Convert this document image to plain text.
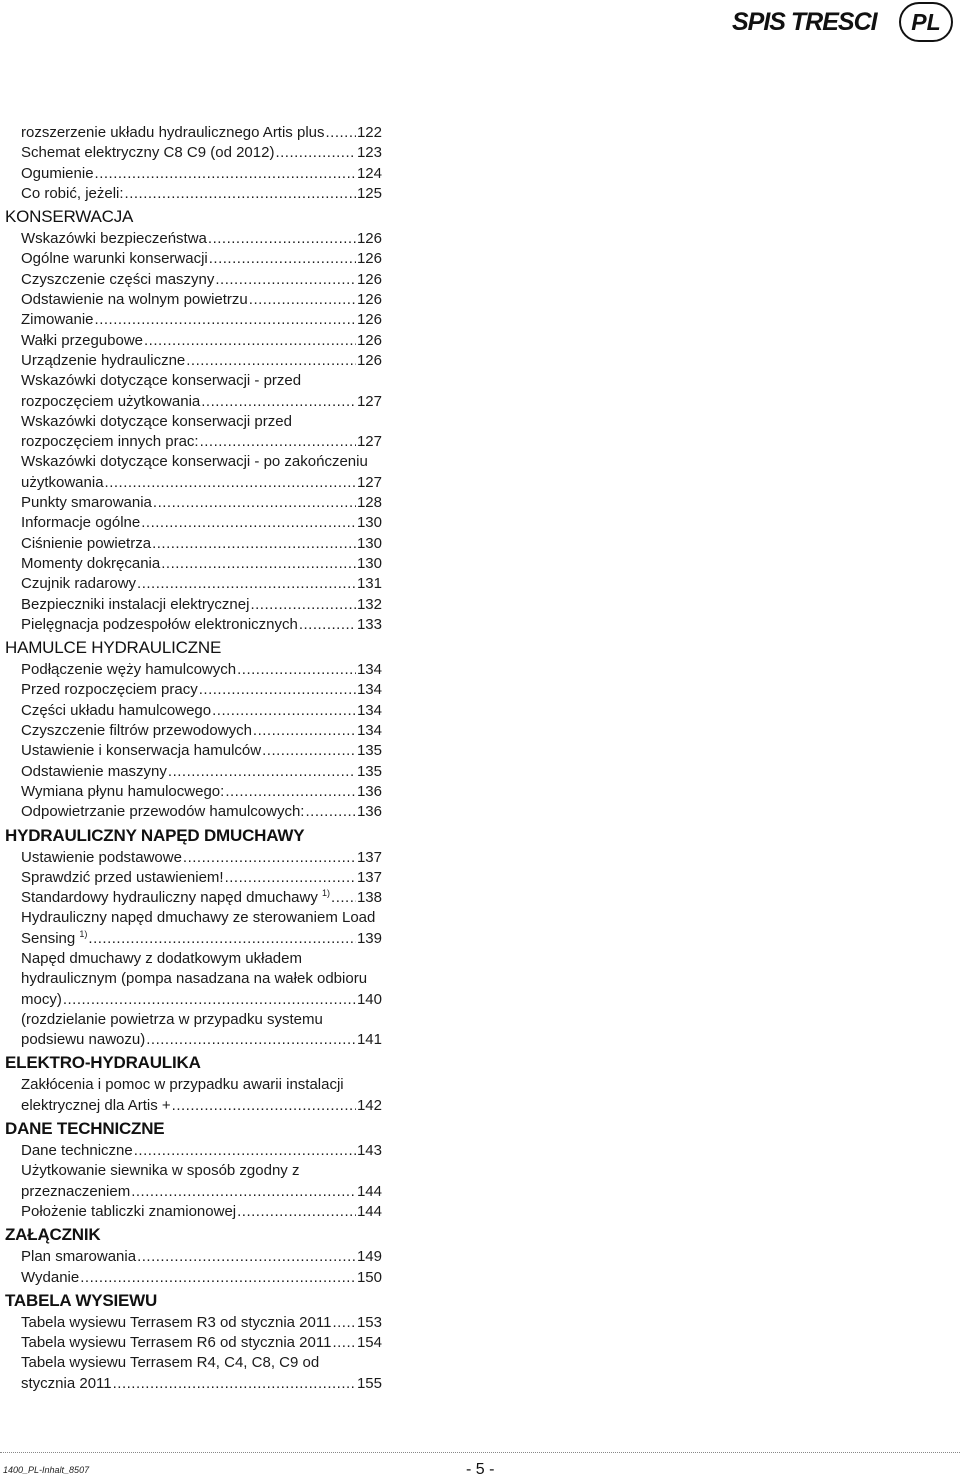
SPIS TRESCI	PL
rozszerzenie układu hydraulicznego Artis plus ..... 122
Schemat elektryczny C8 C9 (od 2012) .....	123
Ogumienie .....	124
Co robić, jeżeli: .....	125
KONSERWACJA
Wskazówki bezpieczeństwa .....	126
Ogólne warunki konserwacji .....	126
Czyszczenie części maszyny .....	126
Odstawienie na wolnym powietrzu .....	126
Zimowanie .....	126
Wałki przegubowe .....	126
Urządzenie hydrauliczne .....	126
Wskazówki dotyczące konserwacji - przed
rozpoczęciem użytkowania .....	127
Wskazówki dotyczące konserwacji przed
rozpoczęciem innych prac: .....	127
Wskazówki dotyczące konserwacji - po zakończeniu
użytkowania .....	127
Punkty smarowania .....	128
Informacje ogólne .....	130
Ciśnienie powietrza .....	130
Momenty dokręcania .....	130
Czujnik radarowy .....	131
Bezpieczniki instalacji elektrycznej .....	132
Pielęgnacja podzespołów elektronicznych .....	133
HAMULCE HYDRAULICZNE
Podłączenie węży hamulcowych .....	134
Przed rozpoczęciem pracy .....	134
Części układu hamulcowego .....	134
Czyszczenie filtrów przewodowych .....	134
Ustawienie i konserwacja hamulców .....	135
Odstawienie maszyny .....	135
Wymiana płynu hamulocwego: .....	136
Odpowietrzanie przewodów hamulcowych: .....	136
HYDRAULICZNY NAPĘD DMUCHAWY
Ustawienie podstawowe .....	137
Sprawdzić przed ustawieniem! .....	137
Standardowy hydrauliczny napęd dmuchawy $^{1)}$ ..... 138
Hydrauliczny napęd dmuchawy ze sterowaniem Load
Sensing $^{1)}$ .....	139
Napęd dmuchawy z dodatkowym układem
hydraulicznym (pompa nasadzana na wałek odbioru
mocy) .....	140
(rozdzielanie powietrza w przypadku systemu
podsiewu nawozu) .....	141
ELEKTRO-HYDRAULIKA
Zakłócenia i pomoc w przypadku awarii instalacji
elektrycznej dla Artis + .....	142
DANE TECHNICZNE
Dane techniczne .....	143
Użytkowanie siewnika w sposób zgodny z
przeznaczeniem .....	144
Położenie tabliczki znamionowej .....	144
ZAŁĄCZNIK
Plan smarowania .....	149
Wydanie .....	150
TABELA WYSIEWU
Tabela wysiewu Terrasem R3 od stycznia 2011 ..... 153
Tabela wysiewu Terrasem R6 od stycznia 2011 ..... 154
Tabela wysiewu Terrasem R4, C4, C8, C9 od
stycznia 2011 .....	155
1400_PL-Inhalt_8507	- 5 -
